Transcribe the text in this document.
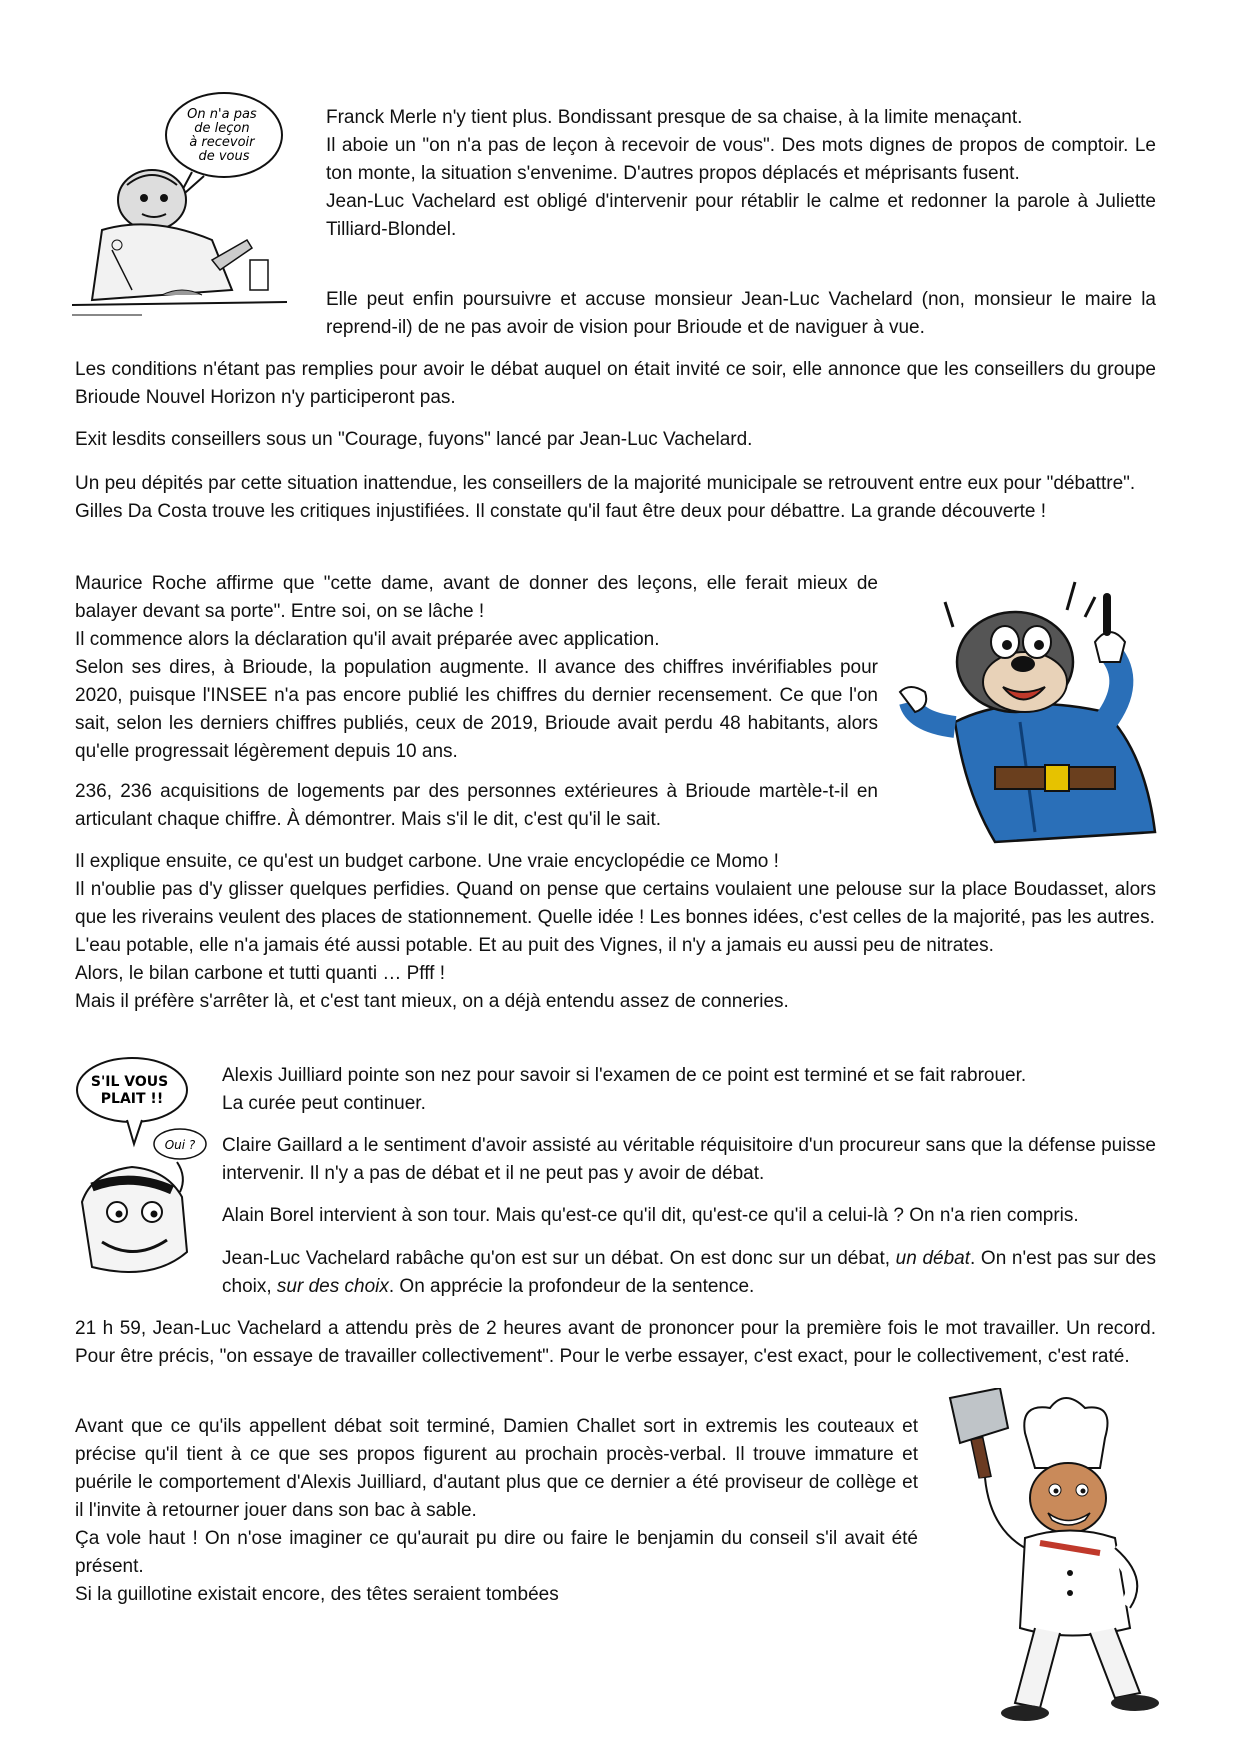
On n'a pas de leçon à recevoir de vous

Franck Merle n'y tient plus. Bondissant presque de sa chaise, à la limite menaçant.

Il aboie un "on n'a pas de leçon à recevoir de vous". Des mots dignes de propos de comptoir. Le ton monte, la situation s'envenime. D'autres propos déplacés et méprisants fusent.

Jean-Luc Vachelard est obligé d'intervenir pour rétablir le calme et redonner la parole à Juliette Tilliard-Blondel.

Elle peut enfin poursuivre et accuse monsieur Jean-Luc Vachelard (non, monsieur le maire la reprend-il) de ne pas avoir de vision pour Brioude et de naviguer à vue.

Les conditions n'étant pas remplies pour avoir le débat auquel on était invité ce soir, elle annonce que les conseillers du groupe Brioude Nouvel Horizon n'y participeront pas.

Exit lesdits conseillers sous un "Courage, fuyons" lancé par Jean-Luc Vachelard.

Un peu dépités par cette situation inattendue, les conseillers de la majorité municipale se retrouvent entre eux pour "débattre".

Gilles Da Costa trouve les critiques injustifiées. Il constate qu'il faut être deux pour débattre. La grande découverte !

Maurice Roche affirme que "cette dame, avant de donner des leçons, elle ferait mieux de balayer devant sa porte". Entre soi, on se lâche !

Il commence alors la déclaration qu'il avait préparée avec application.

Selon ses dires, à Brioude, la population augmente. Il avance des chiffres invérifiables pour 2020, puisque l'INSEE n'a pas encore publié les chiffres du dernier recensement. Ce que l'on sait, selon les derniers chiffres publiés, ceux de 2019, Brioude avait perdu 48 habitants, alors qu'elle progressait légèrement depuis 10 ans.

236, 236 acquisitions de logements par des personnes extérieures à Brioude martèle-t-il en articulant chaque chiffre. À démontrer. Mais s'il le dit, c'est qu'il le sait.

Il explique ensuite, ce qu'est un budget carbone. Une vraie encyclopédie ce Momo !

Il n'oublie pas d'y glisser quelques perfidies. Quand on pense que certains voulaient une pelouse sur la place Boudasset, alors que les riverains veulent des places de stationnement. Quelle idée ! Les bonnes idées, c'est celles de la majorité, pas les autres.

L'eau potable, elle n'a jamais été aussi potable. Et au puit des Vignes, il n'y a jamais eu aussi peu de nitrates.

Alors, le bilan carbone et tutti quanti … Pfff !

Mais il préfère s'arrêter là, et c'est tant mieux, on a déjà entendu assez de conneries.

S'IL VOUS PLAIT !!
Oui ?

Alexis Juilliard pointe son nez pour savoir si l'examen de ce point est terminé et se fait rabrouer.

La curée peut continuer.

Claire Gaillard a le sentiment d'avoir assisté au véritable réquisitoire d'un procureur sans que la défense puisse intervenir. Il n'y a pas de débat et il ne peut pas y avoir de débat.

Alain Borel intervient à son tour. Mais qu'est-ce qu'il dit, qu'est-ce qu'il a celui-là ? On n'a rien compris.

Jean-Luc Vachelard rabâche qu'on est sur un débat. On est donc sur un débat, un débat. On n'est pas sur des choix, sur des choix. On apprécie la profondeur de la sentence.

21 h 59, Jean-Luc Vachelard a attendu près de 2 heures avant de prononcer pour la première fois le mot travailler. Un record. Pour être précis, "on essaye de travailler collectivement". Pour le verbe essayer, c'est exact, pour le collectivement, c'est raté.

Avant que ce qu'ils appellent débat soit terminé, Damien Challet sort in extremis les couteaux et précise qu'il tient à ce que ses propos figurent au prochain procès-verbal. Il trouve immature et puérile le comportement d'Alexis Juilliard, d'autant plus que ce dernier a été proviseur de collège et il l'invite à retourner jouer dans son bac à sable.

Ça vole haut ! On n'ose imaginer ce qu'aurait pu dire ou faire le benjamin du conseil s'il avait été présent.

Si la guillotine existait encore, des têtes seraient tombées
